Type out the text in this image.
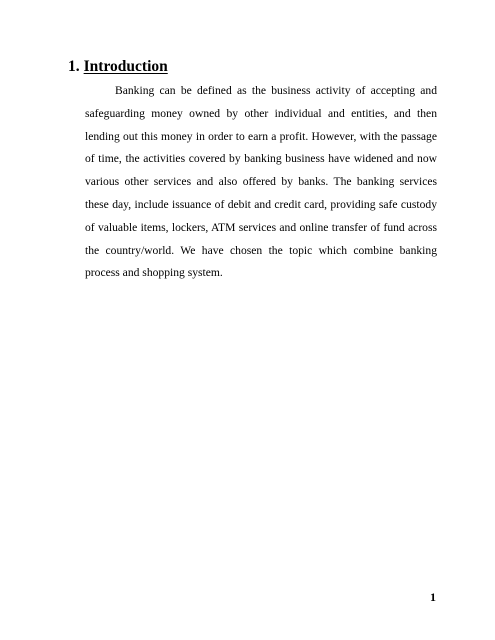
1. Introduction

Banking can be defined as the business activity of accepting and safeguarding money owned by other individual and entities, and then lending out this money in order to earn a profit. However, with the passage of time, the activities covered by banking business have widened and now various other services and also offered by banks. The banking services these day, include issuance of debit and credit card, providing safe custody of valuable items, lockers, ATM services and online transfer of fund across the country/world. We have chosen the topic which combine banking process and shopping system.

1
